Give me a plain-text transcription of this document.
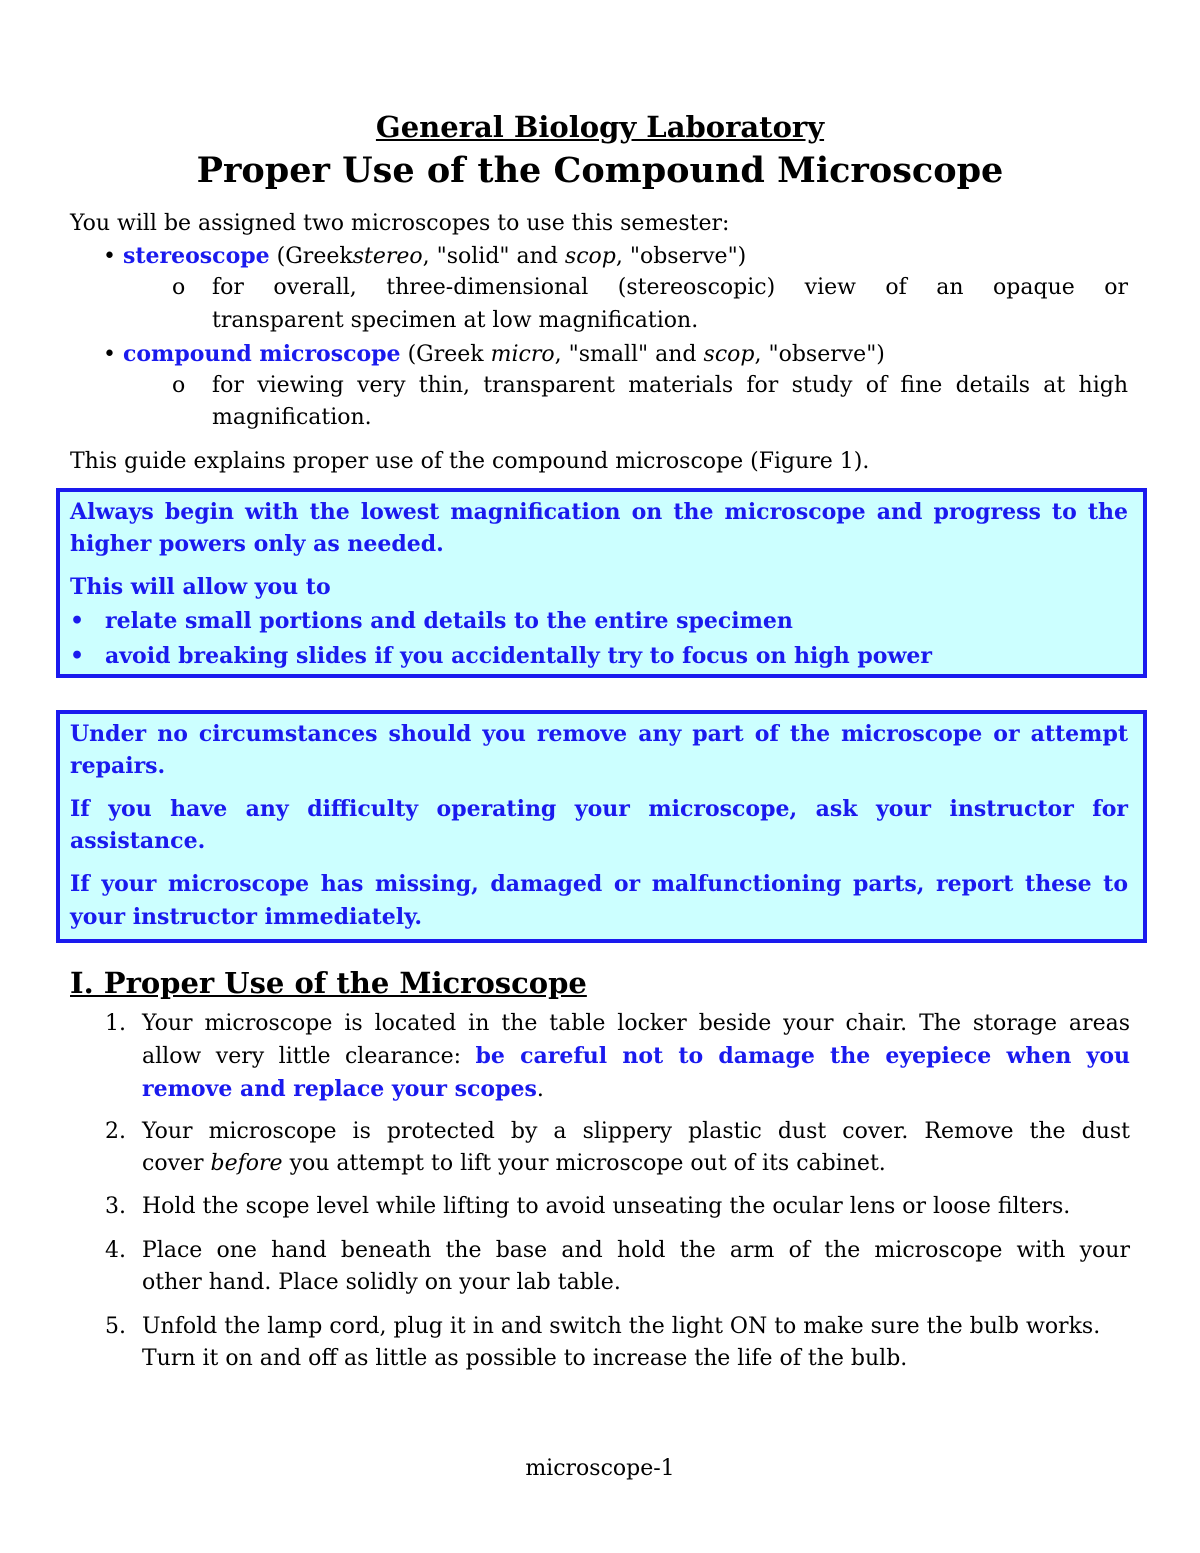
General Biology Laboratory
Proper Use of the Compound Microscope
You will be assigned two microscopes to use this semester:
• stereoscope (Greekstereo, "solid" and scop, "observe")
o for overall, three-dimensional (stereoscopic) view of an opaque or
transparent specimen at low magnification.
• compound microscope (Greek micro, "small" and scop, "observe")
o for viewing very thin, transparent materials for study of fine details at high
magnification.
This guide explains proper use of the compound microscope (Figure 1).
Always begin with the lowest magnification on the microscope and progress to the
higher powers only as needed.
This will allow you to
• relate small portions and details to the entire specimen
• avoid breaking slides if you accidentally try to focus on high power
Under no circumstances should you remove any part of the microscope or attempt
repairs.
If you have any difficulty operating your microscope, ask your instructor for
assistance.
If your microscope has missing, damaged or malfunctioning parts, report these to
your instructor immediately.
I. Proper Use of the Microscope
1. Your microscope is located in the table locker beside your chair. The storage areas
allow very little clearance: be careful not to damage the eyepiece when you
remove and replace your scopes.
2. Your microscope is protected by a slippery plastic dust cover. Remove the dust
cover before you attempt to lift your microscope out of its cabinet.
3. Hold the scope level while lifting to avoid unseating the ocular lens or loose filters.
4. Place one hand beneath the base and hold the arm of the microscope with your
other hand. Place solidly on your lab table.
5. Unfold the lamp cord, plug it in and switch the light ON to make sure the bulb works.
Turn it on and off as little as possible to increase the life of the bulb.
microscope-1
